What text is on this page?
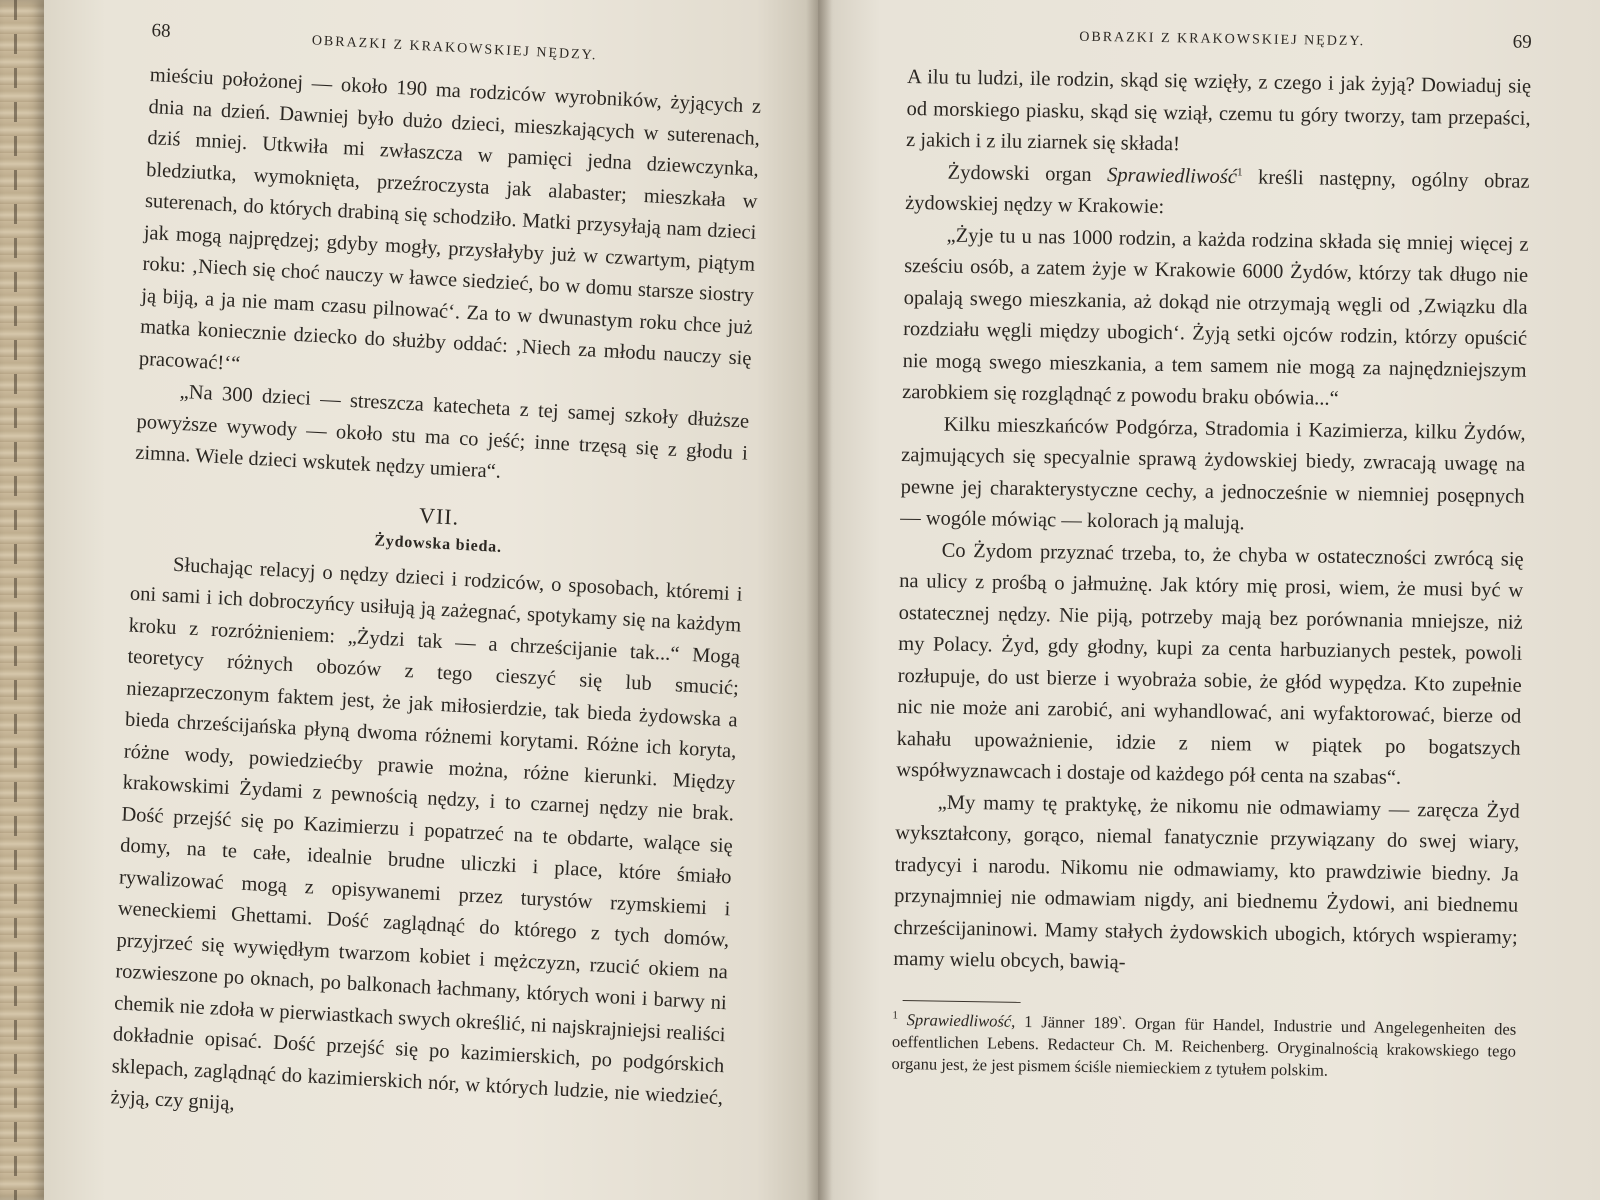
68
OBRAZKI Z KRAKOWSKIEJ NĘDZY.

mieściu położonej — około 190 ma rodziców wyrobników, żyjących z dnia na dzień. Dawniej było dużo dzieci, mieszkających w suterenach, dziś mniej. Utkwiła mi zwłaszcza w pamięci jedna dziewczynka, bledziutka, wymoknięta, przeźroczysta jak alabaster; mieszkała w suterenach, do których drabiną się schodziło. Matki przysyłają nam dzieci jak mogą najprędzej; gdyby mogły, przysłałyby już w czwartym, piątym roku: ‚Niech się choć nauczy w ławce siedzieć, bo w domu starsze siostry ją biją, a ja nie mam czasu pilnować‘. Za to w dwunastym roku chce już matka koniecznie dziecko do służby oddać: ‚Niech za młodu nauczy się pracować!‘“

„Na 300 dzieci — streszcza katecheta z tej samej szkoły dłuższe powyższe wywody — około stu ma co jeść; inne trzęsą się z głodu i zimna. Wiele dzieci wskutek nędzy umiera“.

VII.
Żydowska bieda.

Słuchając relacyj o nędzy dzieci i rodziców, o sposobach, któremi i oni sami i ich dobroczyńcy usiłują ją zażegnać, spotykamy się na każdym kroku z rozróżnieniem: „Żydzi tak — a chrześcijanie tak...“ Mogą teoretycy różnych obozów z tego cieszyć się lub smucić; niezaprzeczonym faktem jest, że jak miłosierdzie, tak bieda żydowska a bieda chrześcijańska płyną dwoma różnemi korytami. Różne ich koryta, różne wody, powiedziećby prawie można, różne kierunki. Między krakowskimi Żydami z pewnością nędzy, i to czarnej nędzy nie brak. Dość przejść się po Kazimierzu i popatrzeć na te obdarte, walące się domy, na te całe, idealnie brudne uliczki i place, które śmiało rywalizować mogą z opisywanemi przez turystów rzymskiemi i weneckiemi Ghettami. Dość zaglądnąć do którego z tych domów, przyjrzeć się wywiędłym twarzom kobiet i mężczyzn, rzucić okiem na rozwieszone po oknach, po balkonach łachmany, których woni i barwy ni chemik nie zdoła w pierwiastkach swych określić, ni najskrajniejsi realiści dokładnie opisać. Dość przejść się po kazimierskich, po podgórskich sklepach, zaglądnąć do kazimierskich nór, w których ludzie, nie wiedzieć, żyją, czy gniją,

OBRAZKI Z KRAKOWSKIEJ NĘDZY.	69

A ilu tu ludzi, ile rodzin, skąd się wzięły, z czego i jak żyją? Dowiaduj się od morskiego piasku, skąd się wziął, czemu tu góry tworzy, tam przepaści, z jakich i z ilu ziarnek się składa!

Żydowski organ Sprawiedliwość$^1$ kreśli następny, ogólny obraz żydowskiej nędzy w Krakowie:

„Żyje tu u nas 1000 rodzin, a każda rodzina składa się mniej więcej z sześciu osób, a zatem żyje w Krakowie 6000 Żydów, którzy tak długo nie opalają swego mieszkania, aż dokąd nie otrzymają węgli od ‚Związku dla rozdziału węgli między ubogich‘. Żyją setki ojców rodzin, którzy opuścić nie mogą swego mieszkania, a tem samem nie mogą za najnędzniejszym zarobkiem się rozglądnąć z powodu braku obówia...“

Kilku mieszkańców Podgórza, Stradomia i Kazimierza, kilku Żydów, zajmujących się specyalnie sprawą żydowskiej biedy, zwracają uwagę na pewne jej charakterystyczne cechy, a jednocześnie w niemniej posępnych — wogóle mówiąc — kolorach ją malują.

Co Żydom przyznać trzeba, to, że chyba w ostateczności zwrócą się na ulicy z prośbą o jałmużnę. Jak który mię prosi, wiem, że musi być w ostatecznej nędzy. Nie piją, potrzeby mają bez porównania mniejsze, niż my Polacy. Żyd, gdy głodny, kupi za centa harbuzianych pestek, powoli rozłupuje, do ust bierze i wyobraża sobie, że głód wypędza. Kto zupełnie nic nie może ani zarobić, ani wyhandlować, ani wyfaktorować, bierze od kahału upoważnienie, idzie z niem w piątek po bogatszych współwyznawcach i dostaje od każdego pół centa na szabas“.

„My mamy tę praktykę, że nikomu nie odmawiamy — zaręcza Żyd wykształcony, gorąco, niemal fanatycznie przywiązany do swej wiary, tradycyi i narodu. Nikomu nie odmawiamy, kto prawdziwie biedny. Ja przynajmniej nie odmawiam nigdy, ani biednemu Żydowi, ani biednemu chrześcijaninowi. Mamy stałych żydowskich ubogich, których wspieramy; mamy wielu obcych, bawią-

$^1$ Sprawiedliwość, 1 Jänner 189‵. Organ für Handel, Industrie und Angelegenheiten des oeffentlichen Lebens. Redacteur Ch. M. Reichenberg. Oryginalnością krakowskiego tego organu jest, że jest pismem ściśle niemieckiem z tytułem polskim.
